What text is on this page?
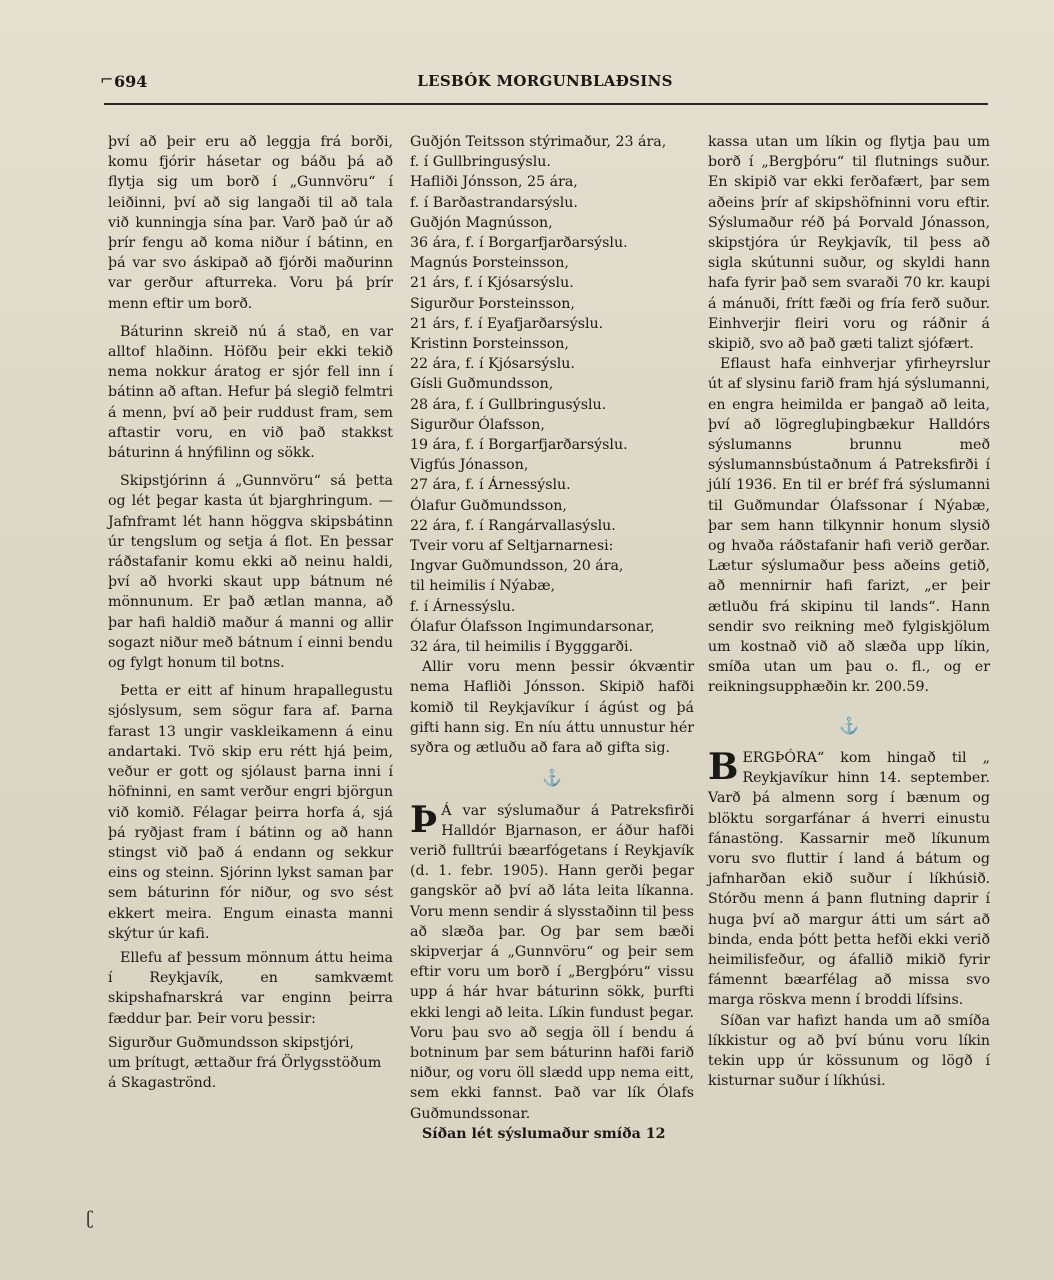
⌐ 694	LESBÓK MORGUNBLAÐSINS

því að þeir eru að leggja frá borði, komu fjórir hásetar og báðu þá að flytja sig um borð í „Gunnvöru“ í leiðinni, því að sig langaði til að tala við kunningja sína þar. Varð það úr að þrír fengu að koma niður í bátinn, en þá var svo áskipað að fjórði maðurinn var gerður afturreka. Voru þá þrír menn eftir um borð.

Báturinn skreið nú á stað, en var alltof hlaðinn. Höfðu þeir ekki tekið nema nokkur áratog er sjór fell inn í bátinn að aftan. Hefur þá slegið felmtri á menn, því að þeir ruddust fram, sem aftastir voru, en við það stakkst báturinn á hnýfilinn og sökk.

Skipstjórinn á „Gunnvöru“ sá þetta og lét þegar kasta út bjarghringum. — Jafnframt lét hann höggva skipsbátinn úr tengslum og setja á flot. En þessar ráðstafanir komu ekki að neinu haldi, því að hvorki skaut upp bátnum né mönnunum. Er það ætlan manna, að þar hafi haldið maður á manni og allir sogazt niður með bátnum í einni bendu og fylgt honum til botns.

Þetta er eitt af hinum hrapallegustu sjóslysum, sem sögur fara af. Þarna farast 13 ungir vaskleikamenn á einu andartaki. Tvö skip eru rétt hjá þeim, veður er gott og sjólaust þarna inni í höfninni, en samt verður engri björgun við komið. Félagar þeirra horfa á, sjá þá ryðjast fram í bátinn og að hann stingst við það á endann og sekkur eins og steinn. Sjórinn lykst saman þar sem báturinn fór niður, og svo sést ekkert meira. Engum einasta manni skýtur úr kafi.

Ellefu af þessum mönnum áttu heima í Reykjavík, en samkvæmt skipshafnarskrá var enginn þeirra fæddur þar. Þeir voru þessir:

Sigurður Guðmundsson skipstjóri,

um þrítugt, ættaður frá Örlygsstöðum á Skagaströnd.

Guðjón Teitsson stýrimaður, 23 ára,

f. í Gullbringusýslu.

Hafliði Jónsson, 25 ára,

f. í Barðastrandarsýslu.

Guðjón Magnússon,

36 ára, f. í Borgarfjarðarsýslu.

Magnús Þorsteinsson,

21 árs, f. í Kjósarsýslu.

Sigurður Þorsteinsson,

21 árs, f. í Eyafjarðarsýslu.

Kristinn Þorsteinsson,

22 ára, f. í Kjósarsýslu.

Gísli Guðmundsson,

28 ára, f. í Gullbringusýslu.

Sigurður Ólafsson,

19 ára, f. í Borgarfjarðarsýslu.

Vigfús Jónasson,

27 ára, f. í Árnessýslu.

Ólafur Guðmundsson,

22 ára, f. í Rangárvallasýslu.

Tveir voru af Seltjarnarnesi:

Ingvar Guðmundsson, 20 ára,

til heimilis í Nýabæ,

f. í Árnessýslu.

Ólafur Ólafsson Ingimundarsonar,

32 ára, til heimilis í Bygggarði.

Allir voru menn þessir ókvæntir nema Hafliði Jónsson. Skipið hafði komið til Reykjavíkur í ágúst og þá gifti hann sig. En níu áttu unnustur hér syðra og ætluðu að fara að gifta sig.

⚓

Þ Á var sýslumaður á Patreksfirði Halldór Bjarnason, er áður hafði verið fulltrúi bæarfógetans í Reykjavík (d. 1. febr. 1905). Hann gerði þegar gangskör að því að láta leita líkanna. Voru menn sendir á slysstaðinn til þess að slæða þar. Og þar sem bæði skipverjar á „Gunnvöru“ og þeir sem eftir voru um borð í „Bergþóru“ vissu upp á hár hvar báturinn sökk, þurfti ekki lengi að leita. Líkin fundust þegar. Voru þau svo að segja öll í bendu á botninum þar sem báturinn hafði farið niður, og voru öll slædd upp nema eitt, sem ekki fannst. Það var lík Ólafs Guðmundssonar.

Síðan lét sýslumaður smíða 12

kassa utan um líkin og flytja þau um borð í „Bergþóru“ til flutnings suður. En skipið var ekki ferðafært, þar sem aðeins þrír af skipshöfninni voru eftir. Sýslumaður réð þá Þorvald Jónasson, skipstjóra úr Reykjavík, til þess að sigla skútunni suður, og skyldi hann hafa fyrir það sem svaraði 70 kr. kaupi á mánuði, frítt fæði og fría ferð suður. Einhverjir fleiri voru og ráðnir á skipið, svo að það gæti talizt sjófært.

Eflaust hafa einhverjar yfirheyrslur út af slysinu farið fram hjá sýslumanni, en engra heimilda er þangað að leita, því að lögregluþingbækur Halldórs sýslumanns brunnu með sýslumannsbústaðnum á Patreksfirði í júlí 1936. En til er bréf frá sýslumanni til Guðmundar Ólafssonar í Nýabæ, þar sem hann tilkynnir honum slysið og hvaða ráðstafanir hafi verið gerðar. Lætur sýslumaður þess aðeins getið, að mennirnir hafi farizt, „er þeir ætluðu frá skipinu til lands“. Hann sendir svo reikning með fylgiskjölum um kostnað við að slæða upp líkin, smíða utan um þau o. fl., og er reikningsupphæðin kr. 200.59.

⚓

BERGÞÓRA“ kom hingað til „ Reykjavíkur hinn 14. september. Varð þá almenn sorg í bænum og blöktu sorgarfánar á hverri einustu fánastöng. Kassarnir með líkunum voru svo fluttir í land á bátum og jafnharðan ekið suður í líkhúsið. Stórðu menn á þann flutning daprir í huga því að margur átti um sárt að binda, enda þótt þetta hefði ekki verið heimilisfeður, og áfallið mikið fyrir fámennt bæarfélag að missa svo marga röskva menn í broddi lífsins.

Síðan var hafizt handa um að smíða líkkistur og að því búnu voru líkin tekin upp úr kössunum og lögð í kisturnar suður í líkhúsi.

ʗ
